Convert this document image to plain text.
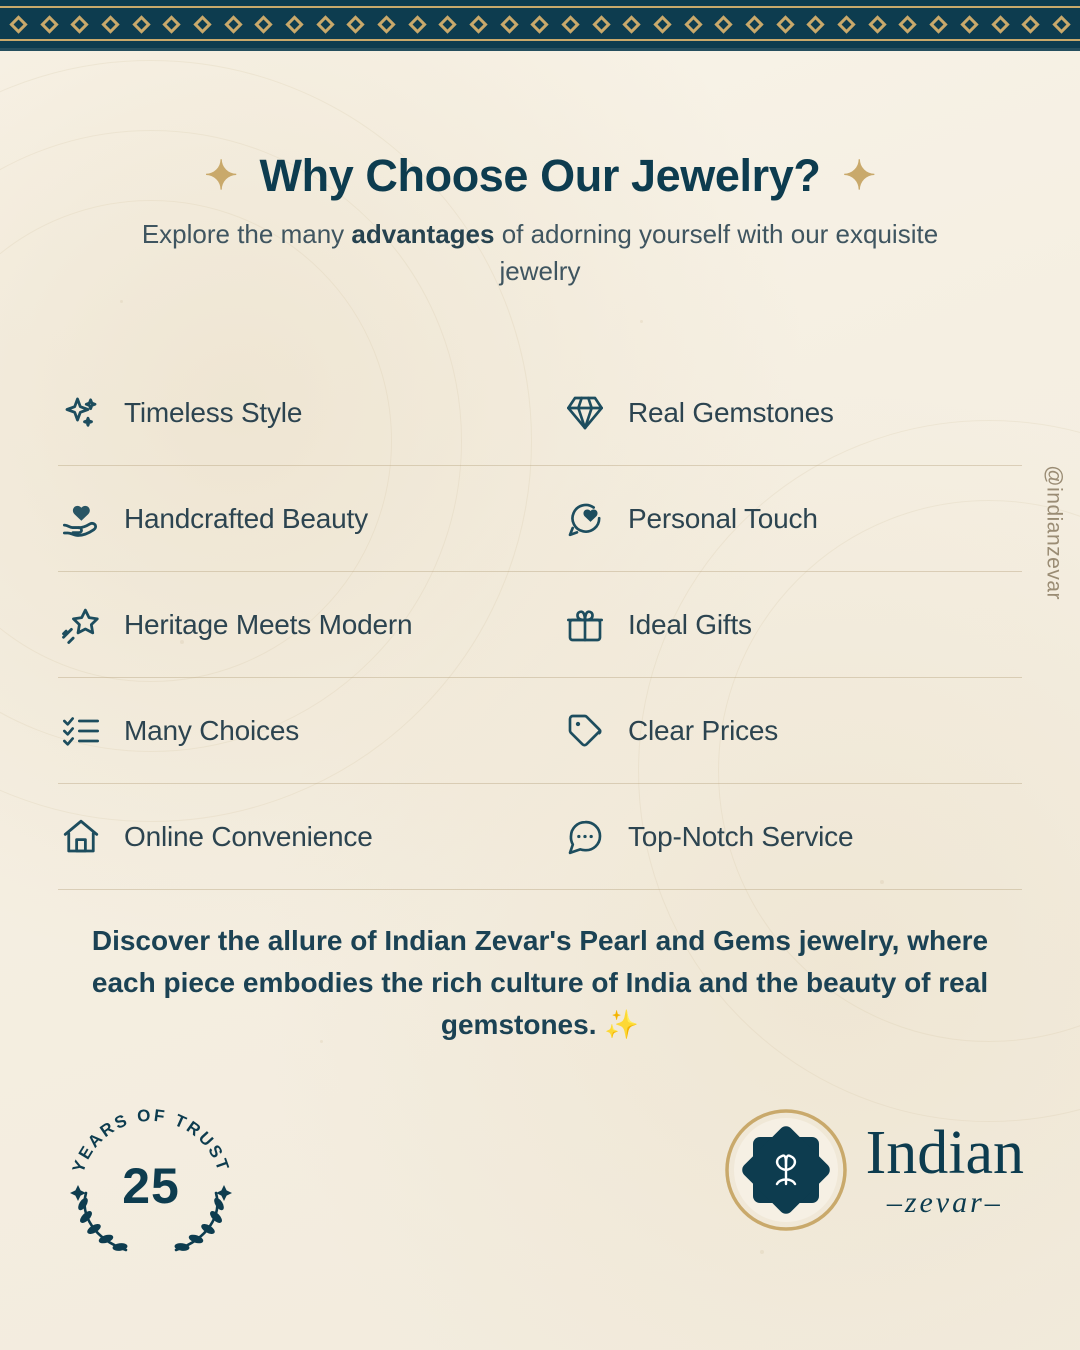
✦ Why Choose Our Jewelry? ✦
Explore the many advantages of adorning yourself with our exquisite jewelry
Timeless Style	Real Gemstones
Handcrafted Beauty	Personal Touch
Heritage Meets Modern	Ideal Gifts
Many Choices	Clear Prices
Online Convenience	Top-Notch Service
Discover the allure of Indian Zevar's Pearl and Gems jewelry, where each piece embodies the rich culture of India and the beauty of real gemstones. ✨
@indianzevar
YEARS OF TRUST
25	Indian
–zevar–
